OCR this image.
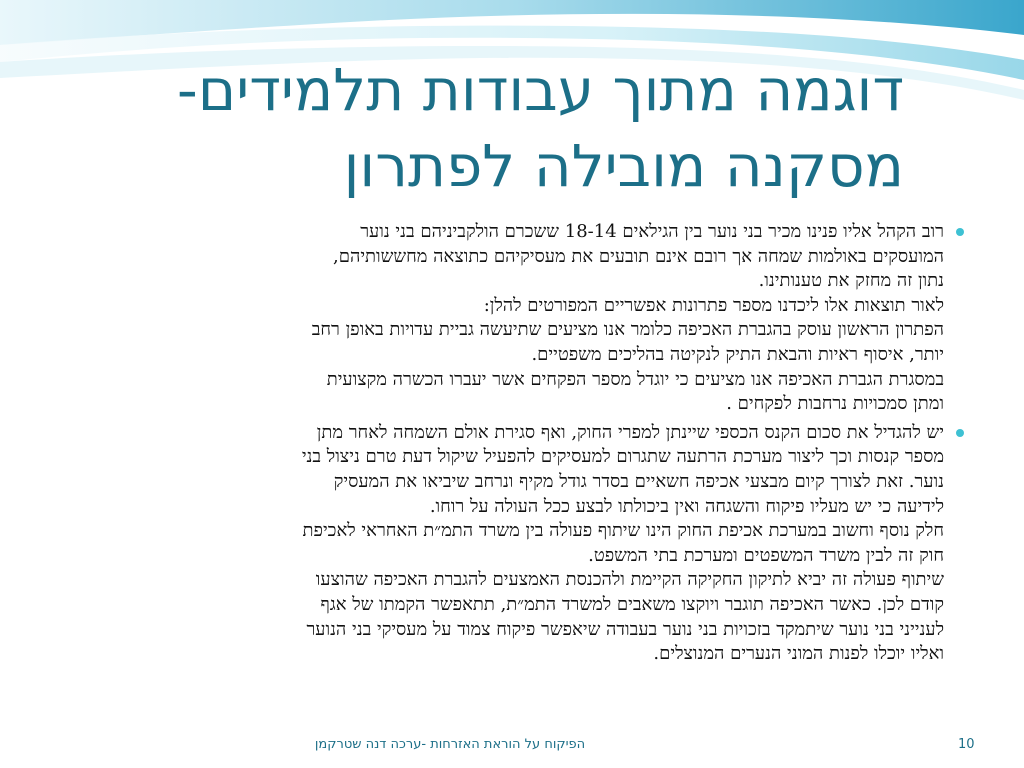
דוגמה מתוך עבודות תלמידים-
מסקנה מובילה לפתרון
רוב הקהל אליו פנינו מכיר בני נוער בין הגילאים 18-14 ששכרם הולקביניהם בני נוער
המועסקים באולמות שמחה אך רובם אינם תובעים את מעסיקיהם כתוצאה מחששותיהם,
נתון זה מחזק את טענותינו.
לאור תוצאות אלו ליכדנו מספר פתרונות אפשריים המפורטים להלן:
הפתרון הראשון עוסק בהגברת האכיפה כלומר אנו מציעים שתיעשה גביית עדויות באופן רחב
יותר, איסוף ראיות והבאת התיק לנקיטה בהליכים משפטיים.
במסגרת הגברת האכיפה אנו מציעים כי יוגדל מספר הפקחים אשר יעברו הכשרה מקצועית
ומתן סמכויות נרחבות לפקחים .
יש להגדיל את סכום הקנס הכספי שיינתן למפרי החוק, ואף סגירת אולם השמחה לאחר מתן
מספר קנסות וכך ליצור מערכת הרתעה שתגרום למעסיקים להפעיל שיקול דעת טרם ניצול בני
נוער. זאת לצורך קיום מבצעי אכיפה חשאיים בסדר גודל מקיף ונרחב שיביאו את המעסיק
לידיעה כי יש מעליו פיקוח והשגחה ואין ביכולתו לבצע ככל העולה על רוחו.
חלק נוסף וחשוב במערכת אכיפת החוק הינו שיתוף פעולה בין משרד התמ״ת האחראי לאכיפת
חוק זה לבין משרד המשפטים ומערכת בתי המשפט.
שיתוף פעולה זה יביא לתיקון החקיקה הקיימת ולהכנסת האמצעים להגברת האכיפה שהוצעו
קודם לכן. כאשר האכיפה תוגבר ויוקצו משאבים למשרד התמ״ת, תתאפשר הקמתו של אגף
לענייני בני נוער שיתמקד בזכויות בני נוער בעבודה שיאפשר פיקוח צמוד על מעסיקי בני הנוער
ואליו יוכלו לפנות המוני הנערים המנוצלים.
הפיקוח על הוראת האזרחות -ערכה דנה שטרקמן	10
